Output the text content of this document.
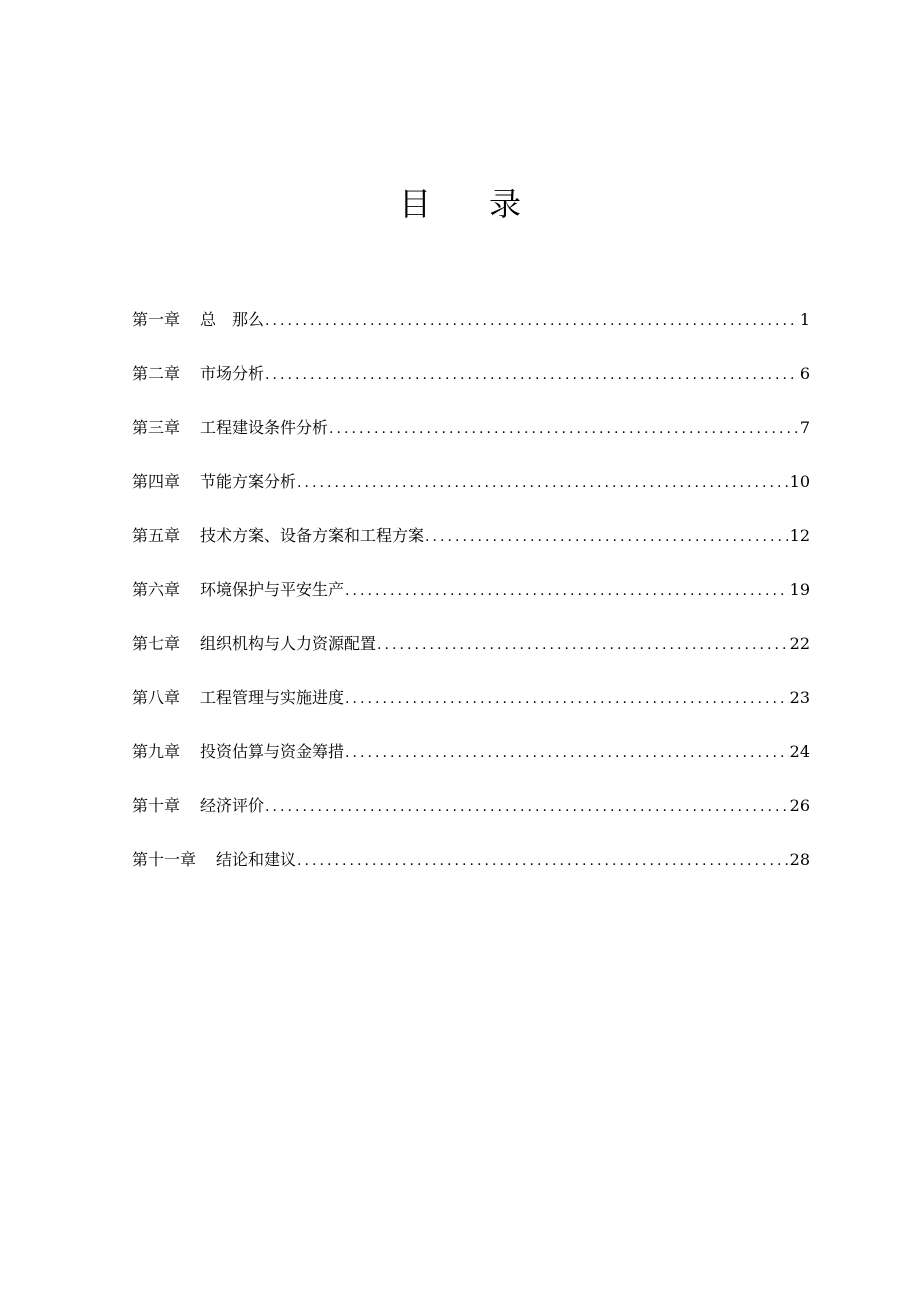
目 录
第一章 总　那么 . . .	1
第二章 市场分析 . . .	6
第三章 工程建设条件分析 . . .	7
第四章 节能方案分析 . . .	10
第五章 技术方案、设备方案和工程方案 . . .	12
第六章 环境保护与平安生产 . . .	19
第七章 组织机构与人力资源配置 . . .	22
第八章 工程管理与实施进度 . . .	23
第九章 投资估算与资金筹措 . . .	24
第十章 经济评价 . . .	26
第十一章 结论和建议 . . .	28
